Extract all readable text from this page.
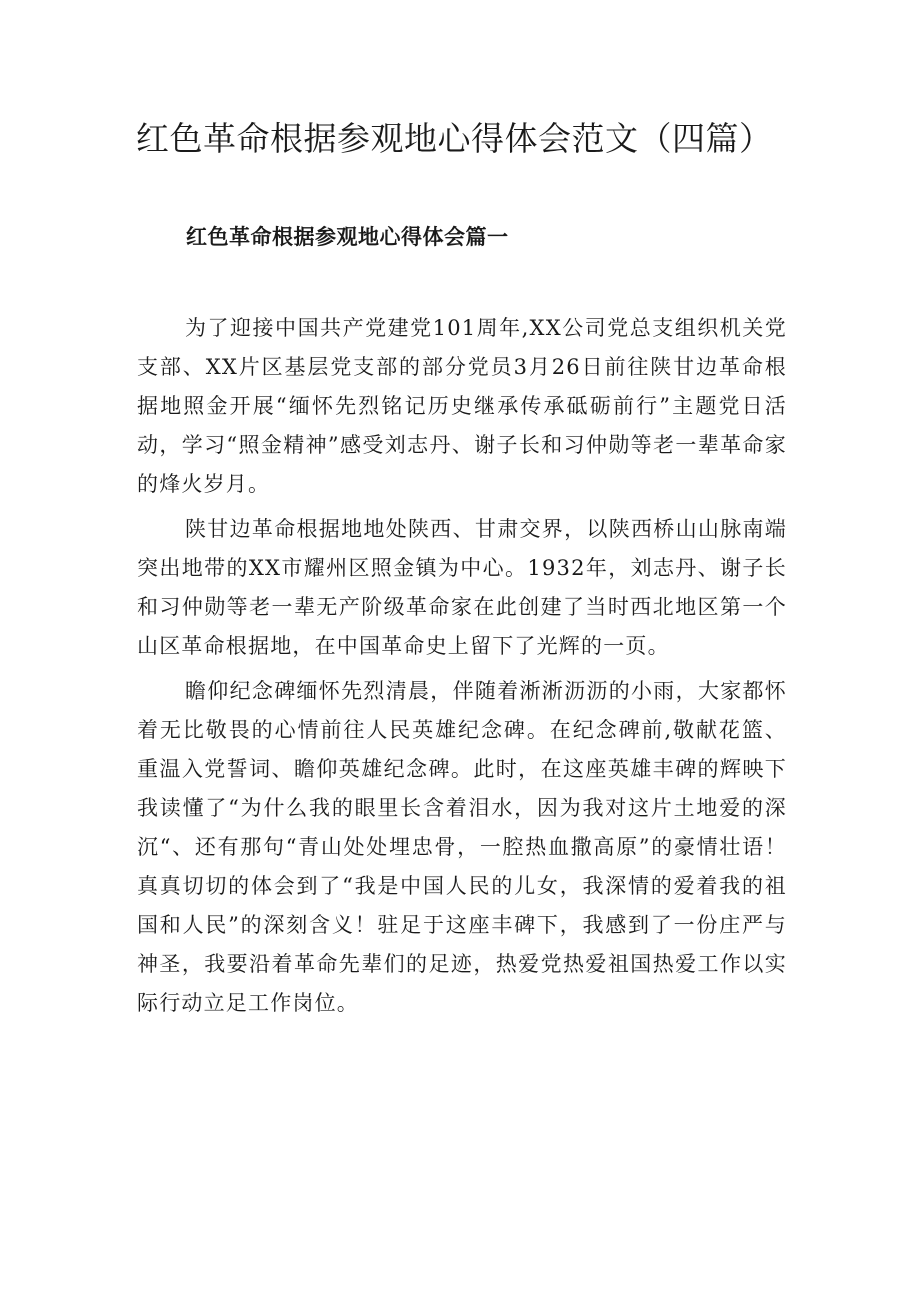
红色革命根据参观地心得体会范文（四篇）
红色革命根据参观地心得体会篇一

为了迎接中国共产党建党101周年,XX公司党总支组织机关党支部、XX片区基层党支部的部分党员3月26日前往陕甘边革命根据地照金开展“缅怀先烈铭记历史继承传承砥砺前行”主题党日活动，学习“照金精神”感受刘志丹、谢子长和习仲勋等老一辈革命家的烽火岁月。

陕甘边革命根据地地处陕西、甘肃交界，以陕西桥山山脉南端突出地带的XX市耀州区照金镇为中心。1932年，刘志丹、谢子长和习仲勋等老一辈无产阶级革命家在此创建了当时西北地区第一个山区革命根据地，在中国革命史上留下了光辉的一页。

瞻仰纪念碑缅怀先烈清晨，伴随着淅淅沥沥的小雨，大家都怀着无比敬畏的心情前往人民英雄纪念碑。在纪念碑前,敬献花篮、重温入党誓词、瞻仰英雄纪念碑。此时，在这座英雄丰碑的辉映下我读懂了“为什么我的眼里长含着泪水，因为我对这片土地爱的深沉“、还有那句“青山处处埋忠骨，一腔热血撒高原”的豪情壮语！真真切切的体会到了“我是中国人民的儿女，我深情的爱着我的祖国和人民”的深刻含义！驻足于这座丰碑下，我感到了一份庄严与神圣，我要沿着革命先辈们的足迹，热爱党热爱祖国热爱工作以实际行动立足工作岗位。
